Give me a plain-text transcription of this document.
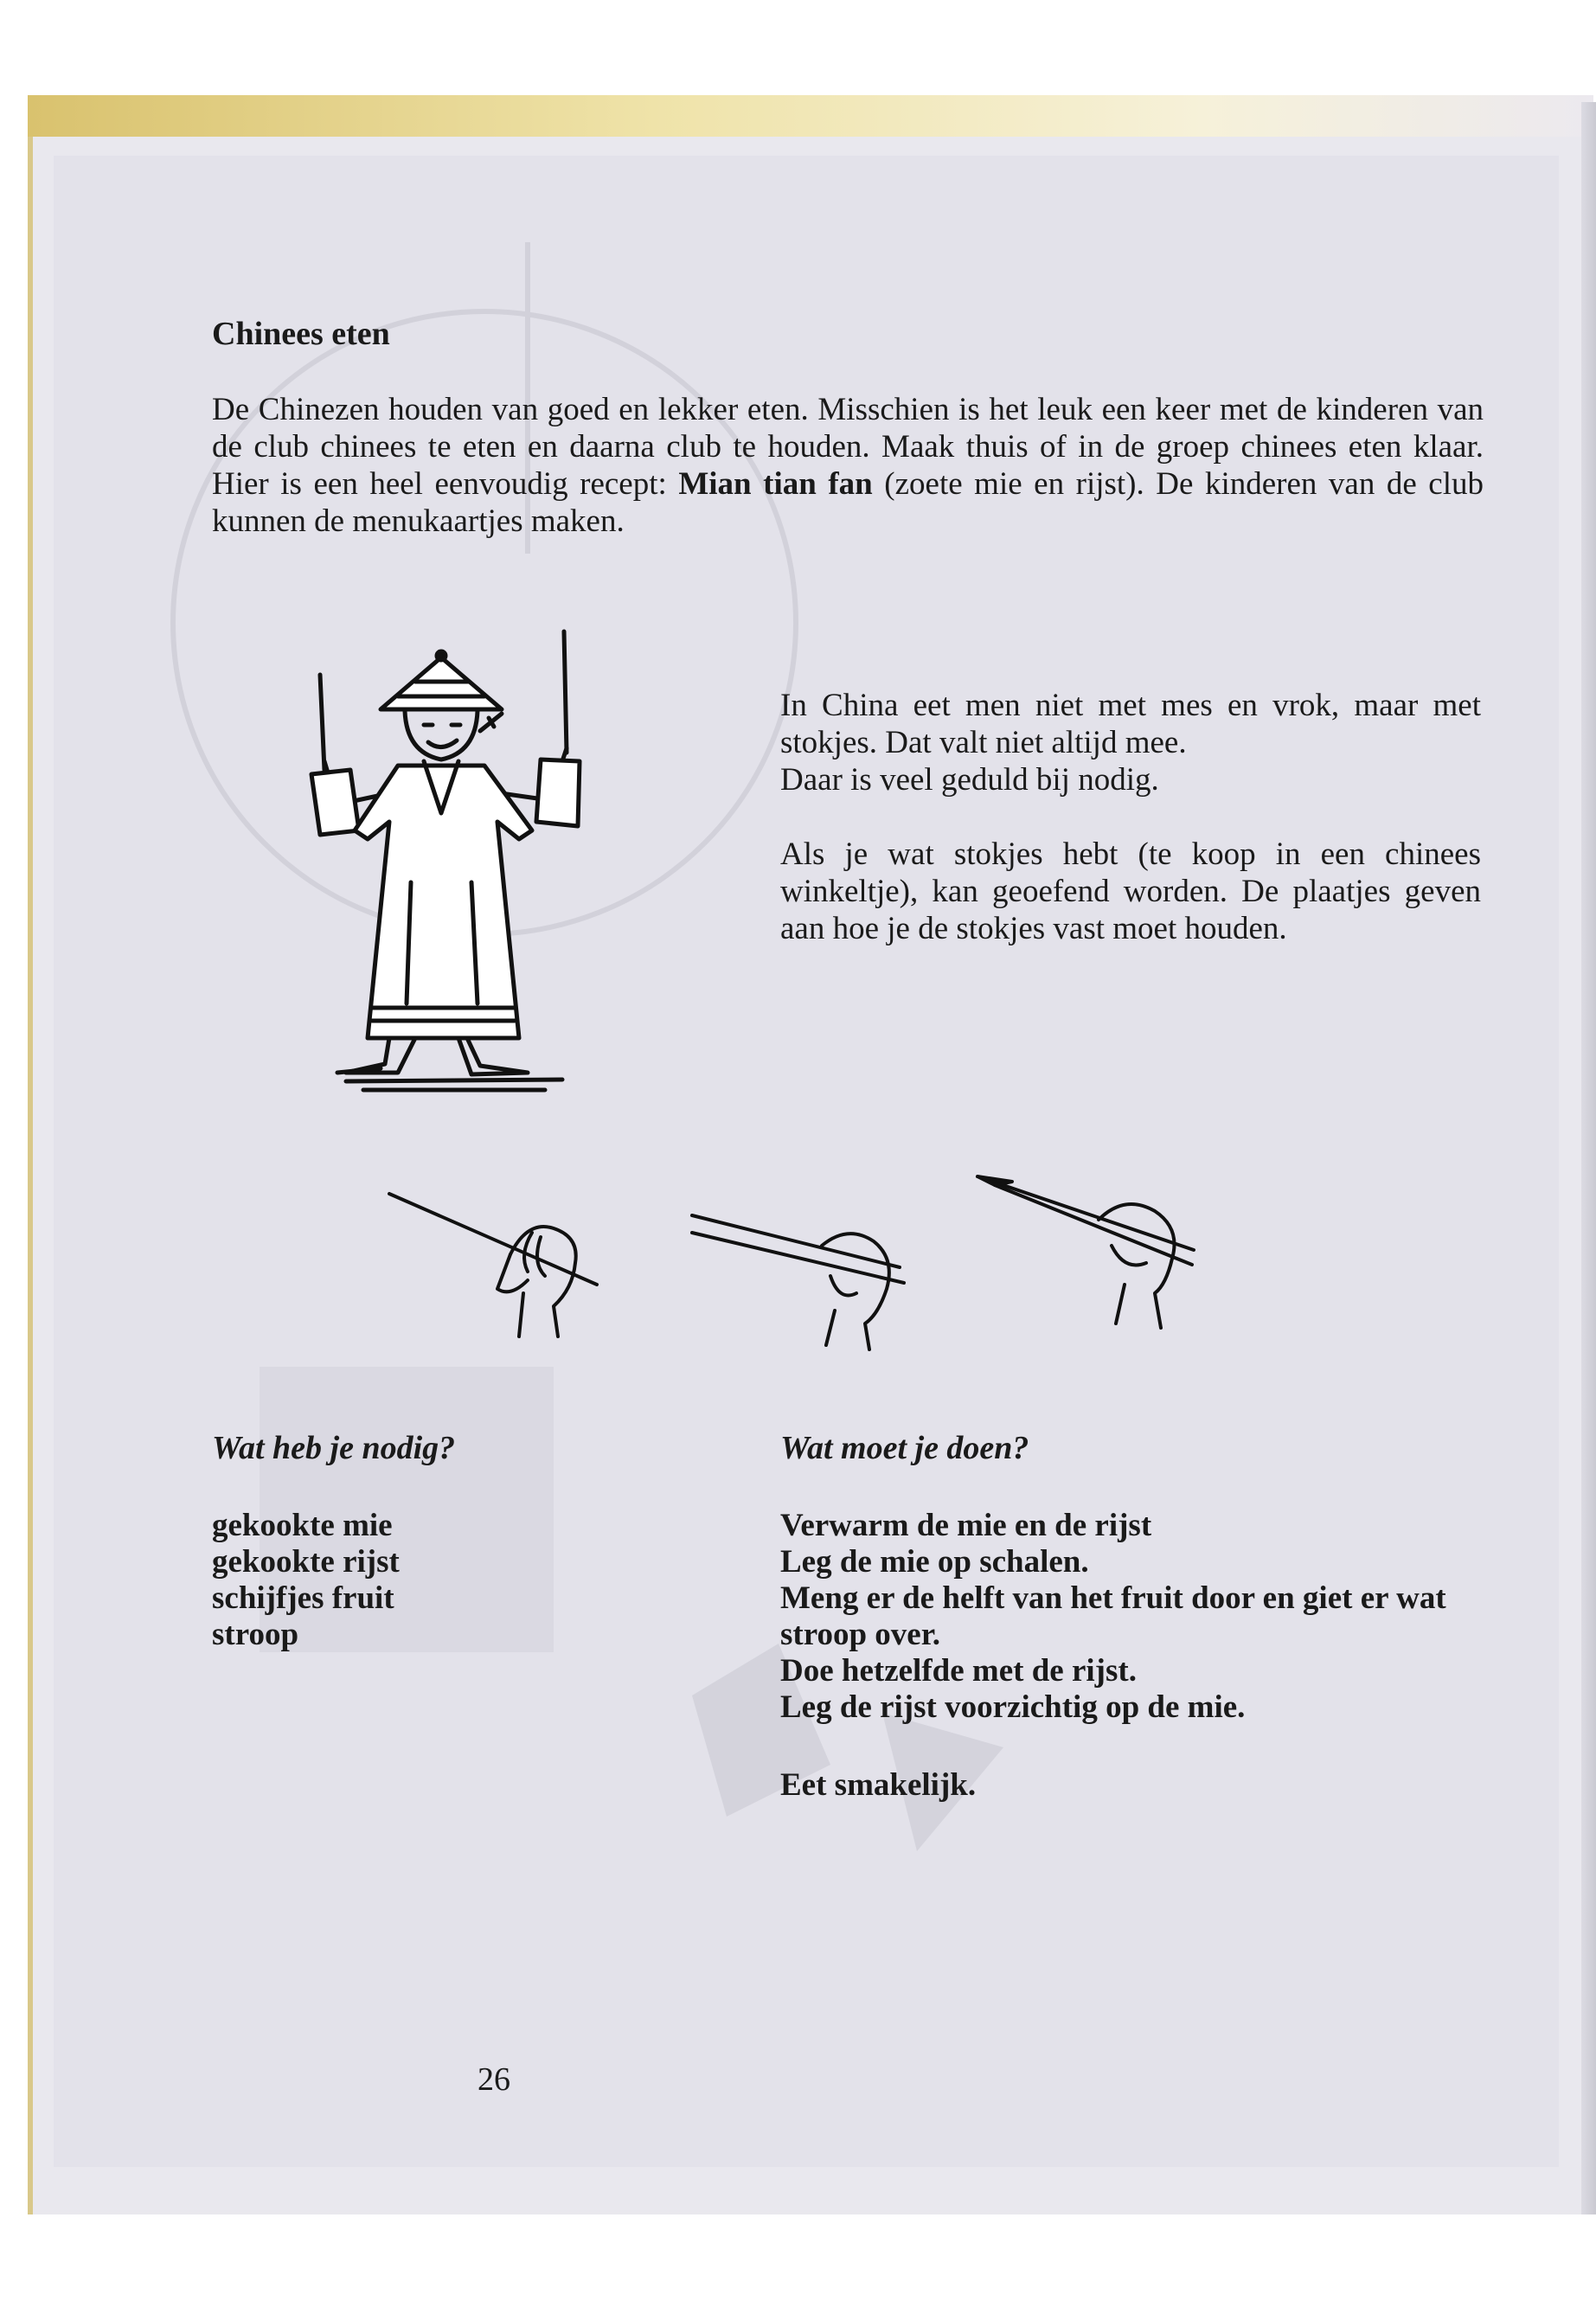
Chinees eten
De Chinezen houden van goed en lekker eten. Misschien is het leuk een keer met de kinderen van de club chinees te eten en daarna club te houden. Maak thuis of in de groep chinees eten klaar. Hier is een heel eenvoudig recept: Mian tian fan (zoete mie en rijst). De kinderen van de club kunnen de menukaartjes maken.
In China eet men niet met mes en vrok, maar met stokjes. Dat valt niet altijd mee.
Daar is veel geduld bij nodig.
Als je wat stokjes hebt (te koop in een chinees winkeltje), kan geoefend worden. De plaatjes geven aan hoe je de stokjes vast moet houden.
Wat heb je nodig?
gekookte mie
gekookte rijst
schijfjes fruit
stroop
Wat moet je doen?
Verwarm de mie en de rijst
Leg de mie op schalen.
Meng er de helft van het fruit door en giet er wat stroop over.
Doe hetzelfde met de rijst.
Leg de rijst voorzichtig op de mie.
Eet smakelijk.
26
